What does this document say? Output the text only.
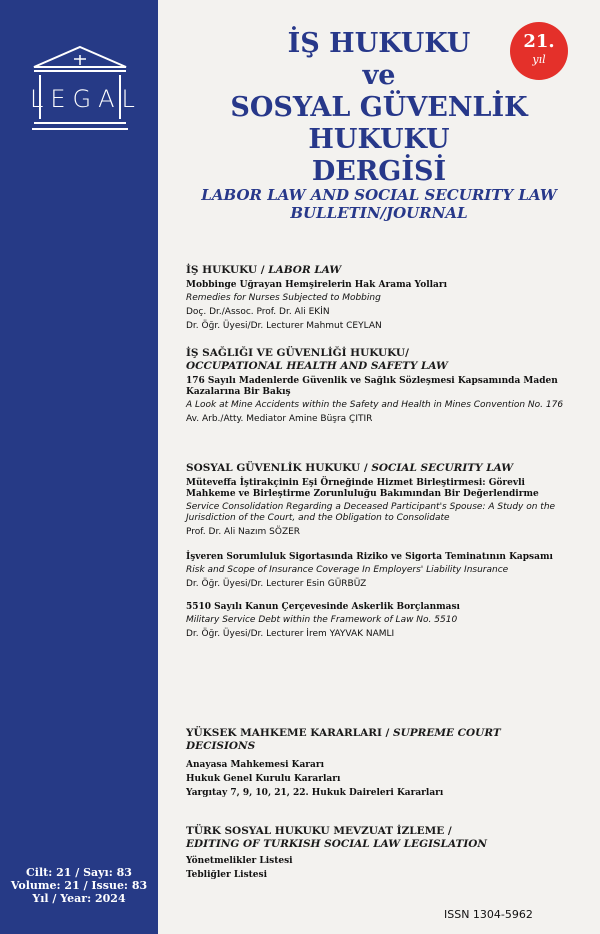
LEGAL
Cilt: 21 / Sayı: 83
Volume: 21 / Issue: 83
Yıl / Year: 2024
İŞ HUKUKU
ve
SOSYAL GÜVENLİK HUKUKU
DERGİSİ
LABOR LAW AND SOCIAL SECURITY LAW
BULLETIN/JOURNAL
21.
yıl
İŞ HUKUKU / LABOR LAW
Mobbinge Uğrayan Hemşirelerin Hak Arama Yolları
Remedies for Nurses Subjected to Mobbing
Doç. Dr./Assoc. Prof. Dr. Ali EKİN
Dr. Öğr. Üyesi/Dr. Lecturer Mahmut CEYLAN
İŞ SAĞLIĞI VE GÜVENLİĞİ HUKUKU/
OCCUPATIONAL HEALTH AND SAFETY LAW
176 Sayılı Madenlerde Güvenlik ve Sağlık Sözleşmesi Kapsamında Maden Kazalarına Bir Bakış
A Look at Mine Accidents within the Safety and Health in Mines Convention No. 176
Av. Arb./Atty. Mediator Amine Büşra ÇITIR
SOSYAL GÜVENLİK HUKUKU / SOCIAL SECURITY LAW
Müteveffa İştirakçinin Eşi Örneğinde Hizmet Birleştirmesi: Görevli Mahkeme ve Birleştirme Zorunluluğu Bakımından Bir Değerlendirme
Service Consolidation Regarding a Deceased Participant's Spouse: A Study on the Jurisdiction of the Court, and the Obligation to Consolidate
Prof. Dr. Ali Nazım SÖZER
İşveren Sorumluluk Sigortasında Riziko ve Sigorta Teminatının Kapsamı
Risk and Scope of Insurance Coverage In Employers' Liability Insurance
Dr. Öğr. Üyesi/Dr. Lecturer Esin GÜRBÜZ
5510 Sayılı Kanun Çerçevesinde Askerlik Borçlanması
Military Service Debt within the Framework of Law No. 5510
Dr. Öğr. Üyesi/Dr. Lecturer İrem YAYVAK NAMLI
YÜKSEK MAHKEME KARARLARI / SUPREME COURT DECISIONS
Anayasa Mahkemesi Kararı
Hukuk Genel Kurulu Kararları
Yargıtay 7, 9, 10, 21, 22. Hukuk Daireleri Kararları
TÜRK SOSYAL HUKUKU MEVZUAT İZLEME /
EDITING OF TURKISH SOCIAL LAW LEGISLATION
Yönetmelikler Listesi
Tebliğler Listesi
ISSN 1304-5962
